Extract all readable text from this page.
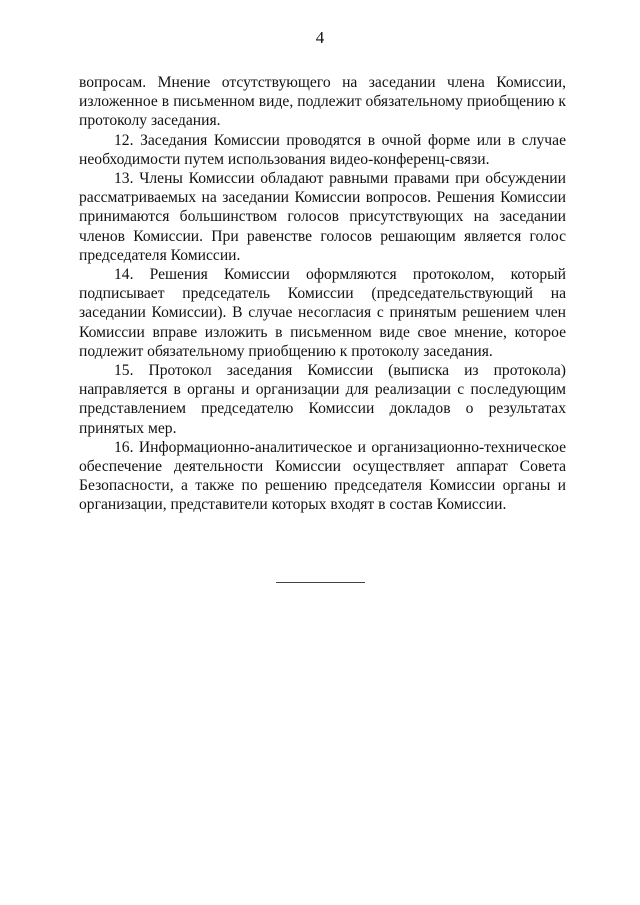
4

вопросам. Мнение отсутствующего на заседании члена Комиссии, изложенное в письменном виде, подлежит обязательному приобщению к протоколу заседания.

12. Заседания Комиссии проводятся в очной форме или в случае необходимости путем использования видео-конференц-связи.

13. Члены Комиссии обладают равными правами при обсуждении рассматриваемых на заседании Комиссии вопросов. Решения Комиссии принимаются большинством голосов присутствующих на заседании членов Комиссии. При равенстве голосов решающим является голос председателя Комиссии.

14. Решения Комиссии оформляются протоколом, который подписывает председатель Комиссии (председательствующий на заседании Комиссии). В случае несогласия с принятым решением член Комиссии вправе изложить в письменном виде свое мнение, которое подлежит обязательному приобщению к протоколу заседания.

15. Протокол заседания Комиссии (выписка из протокола) направляется в органы и организации для реализации с последующим представлением председателю Комиссии докладов о результатах принятых мер.

16. Информационно-аналитическое и организационно-техническое обеспечение деятельности Комиссии осуществляет аппарат Совета Безопасности, а также по решению председателя Комиссии органы и организации, представители которых входят в состав Комиссии.
